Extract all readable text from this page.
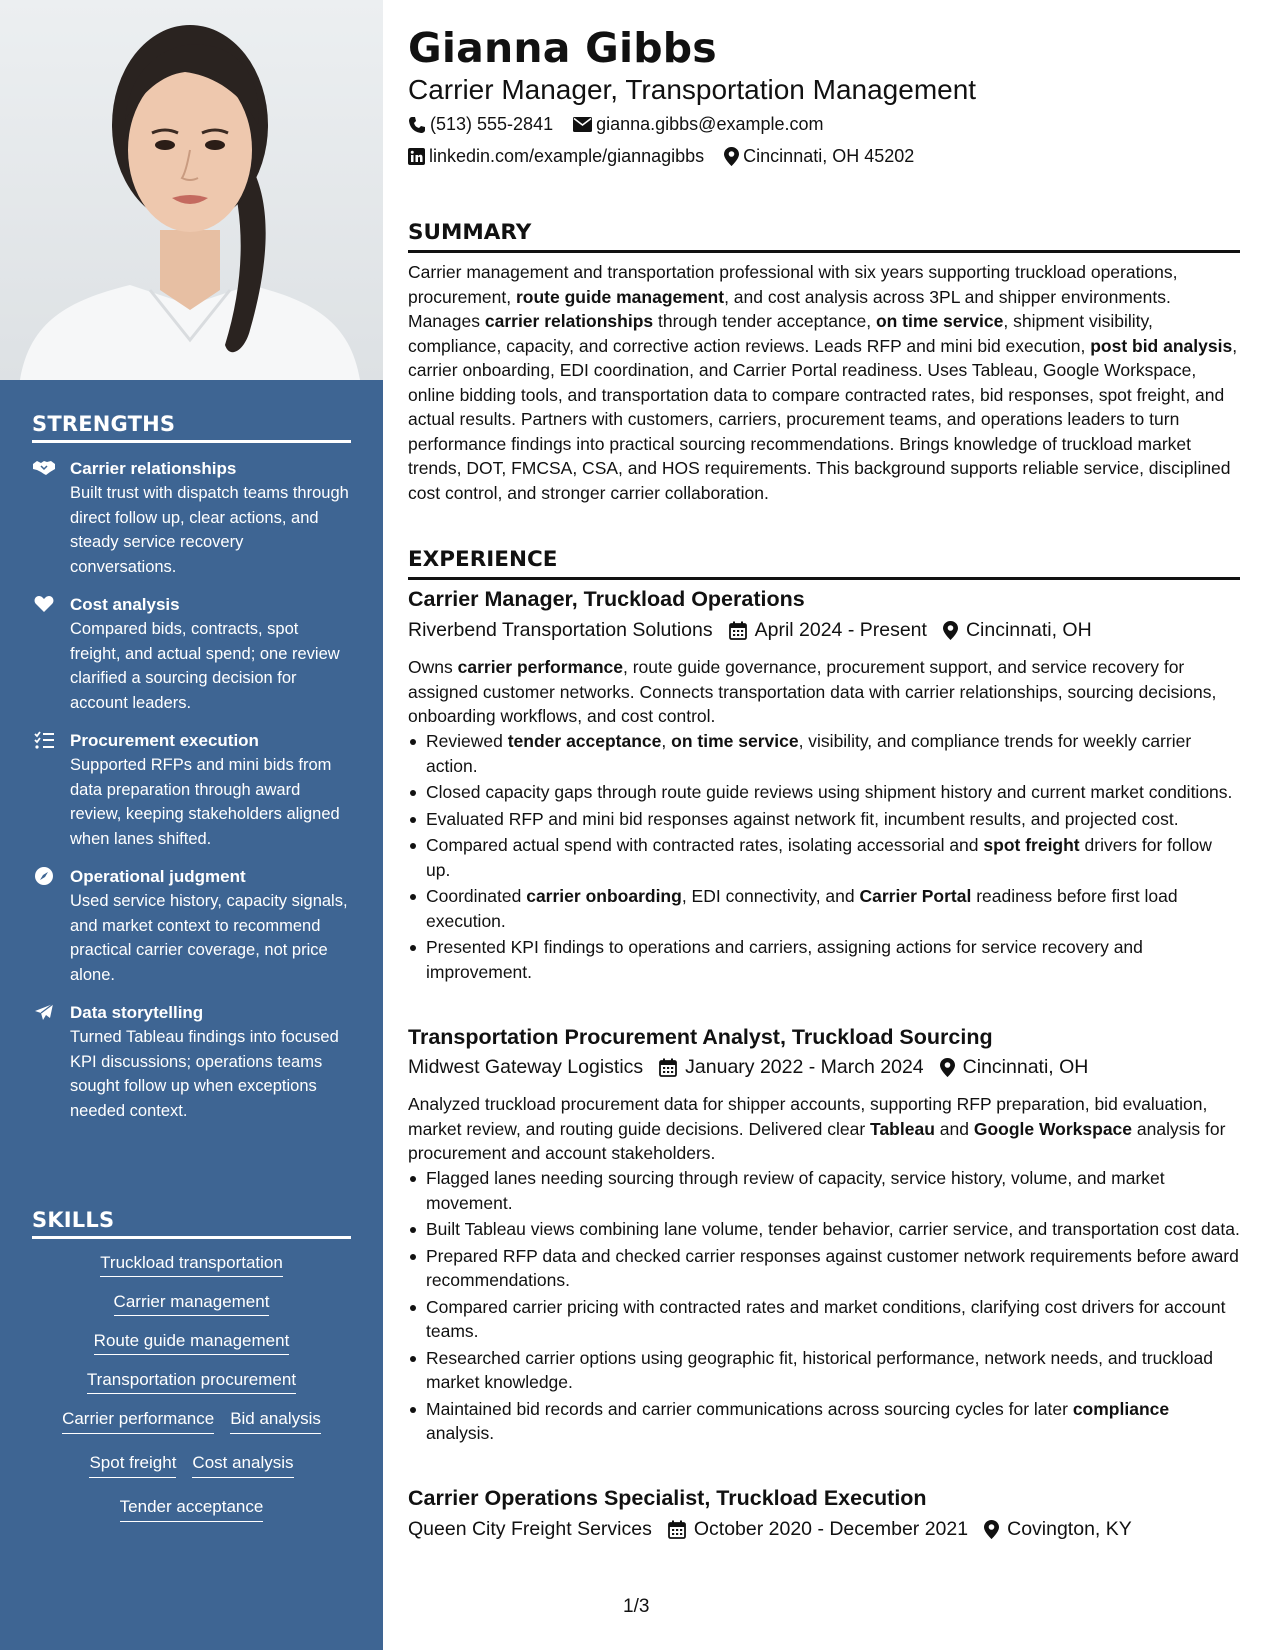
STRENGTHS
Carrier relationships
Built trust with dispatch teams through direct follow up, clear actions, and steady service recovery conversations.
Cost analysis
Compared bids, contracts, spot freight, and actual spend; one review clarified a sourcing decision for account leaders.
Procurement execution
Supported RFPs and mini bids from data preparation through award review, keeping stakeholders aligned when lanes shifted.
Operational judgment
Used service history, capacity signals, and market context to recommend practical carrier coverage, not price alone.
Data storytelling
Turned Tableau findings into focused KPI discussions; operations teams sought follow up when exceptions needed context.
SKILLS
Truckload transportation
Carrier management
Route guide management
Transportation procurement
Carrier performance Bid analysis
Spot freight Cost analysis
Tender acceptance
Gianna Gibbs
Carrier Manager, Transportation Management
(513) 555-2841 gianna.gibbs@example.com
linkedin.com/example/giannagibbs Cincinnati, OH 45202
SUMMARY
Carrier management and transportation professional with six years supporting truckload operations, procurement, route guide management, and cost analysis across 3PL and shipper environments. Manages carrier relationships through tender acceptance, on time service, shipment visibility, compliance, capacity, and corrective action reviews. Leads RFP and mini bid execution, post bid analysis, carrier onboarding, EDI coordination, and Carrier Portal readiness. Uses Tableau, Google Workspace, online bidding tools, and transportation data to compare contracted rates, bid responses, spot freight, and actual results. Partners with customers, carriers, procurement teams, and operations leaders to turn performance findings into practical sourcing recommendations. Brings knowledge of truckload market trends, DOT, FMCSA, CSA, and HOS requirements. This background supports reliable service, disciplined cost control, and stronger carrier collaboration.
EXPERIENCE
Carrier Manager, Truckload Operations
Riverbend Transportation Solutions April 2024 - Present Cincinnati, OH
Owns carrier performance, route guide governance, procurement support, and service recovery for assigned customer networks. Connects transportation data with carrier relationships, sourcing decisions, onboarding workflows, and cost control.
Reviewed tender acceptance, on time service, visibility, and compliance trends for weekly carrier action.
Closed capacity gaps through route guide reviews using shipment history and current market conditions.
Evaluated RFP and mini bid responses against network fit, incumbent results, and projected cost.
Compared actual spend with contracted rates, isolating accessorial and spot freight drivers for follow up.
Coordinated carrier onboarding, EDI connectivity, and Carrier Portal readiness before first load execution.
Presented KPI findings to operations and carriers, assigning actions for service recovery and improvement.
Transportation Procurement Analyst, Truckload Sourcing
Midwest Gateway Logistics January 2022 - March 2024 Cincinnati, OH
Analyzed truckload procurement data for shipper accounts, supporting RFP preparation, bid evaluation, market review, and routing guide decisions. Delivered clear Tableau and Google Workspace analysis for procurement and account stakeholders.
Flagged lanes needing sourcing through review of capacity, service history, volume, and market movement.
Built Tableau views combining lane volume, tender behavior, carrier service, and transportation cost data.
Prepared RFP data and checked carrier responses against customer network requirements before award recommendations.
Compared carrier pricing with contracted rates and market conditions, clarifying cost drivers for account teams.
Researched carrier options using geographic fit, historical performance, network needs, and truckload market knowledge.
Maintained bid records and carrier communications across sourcing cycles for later compliance analysis.
Carrier Operations Specialist, Truckload Execution
Queen City Freight Services October 2020 - December 2021 Covington, KY
1/3
